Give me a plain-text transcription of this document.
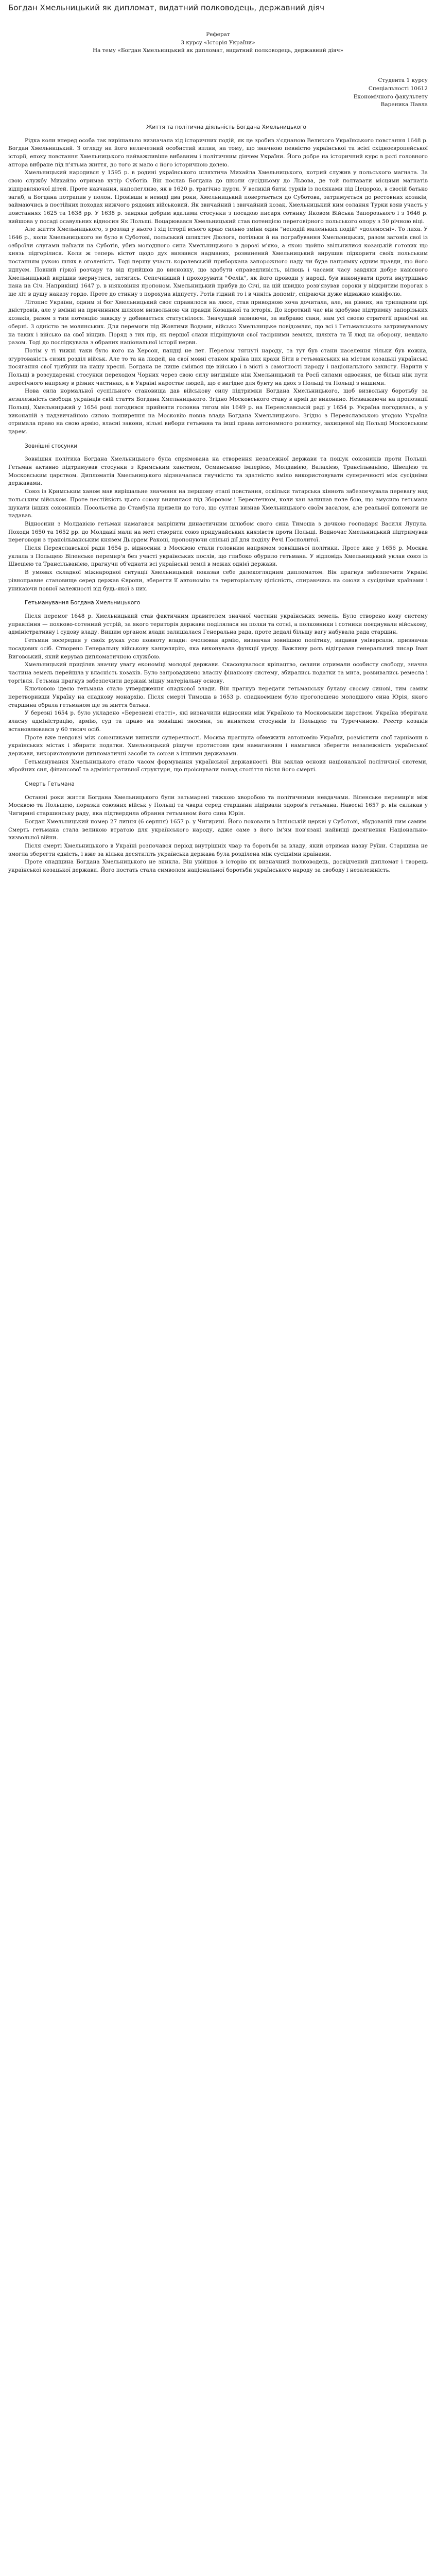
Богдан Хмельницький як дипломат, видатний полководець, державний діяч

Реферат

З курсу «Історія України»

На тему «Богдан Хмельницький як дипломат, видатний полководець, державний діяч»

Студента 1 курсу

Спеціальності 10612

Економічного факультету

Вареника Павла

Життя та політична діяльність Богдана Хмельницького

Рідка коли вперед особа так вирішально визначала хід історичних подій, як це зробив з'єднаною Великого Українського повстання 1648 р. Богдан Хмельницький. З огляду на його величезний особистий вплив, на тому, що значною певністю української та всієї східноєвропейської історії, епоху повстання Хмельницького найважливіше вибавним і політичним діячем України. Його добре на історичний курс в ролі головного аптора вибране під п'ятьма життя, до того ж мало є його історичною долею.

Хмельницький народився у 1595 р. в родині українського шляхтича Михайла Хмельницького, котрий служив у польського магната. За свою службу Михайло отримав хутір Суботів. Він послав Богдана до школи сусідньому до Львова, де той полтавати місцями магнатів відправляючої дітей. Проте навчання, наполегливо, як в 1620 р. трагічно пурти. У великій битві турків із поляками під Цецорою, в свосій батько загиб, а Богдана потрапив у полон. Провівши в невиді два роки, Хмельницький повертається до Суботова, затримується до рестовних козаків, займаючись в постійних походах нижчого рядових військовий. Як звичайний і звичайний козак, Хмельницький ким солання Турки взяв участь у повстаннях 1625 та 1638 рр. У 1638 р. завдяки добрим вдалими стосунки з посадою писаря сотнику Яковом Війська Запорозького і з 1646 р. вийшова у посаді осавульних відносин Як Польщі. Воцарювався Хмельницький став потенцією переговірного польського опору з 50 річною віці.

Але життя Хмельницького, з розлад у нього і хід історії всього краю сильно зміни один "неподій маленьких подій" «доленосні». То лиха. У 1646 р., коли Хмельницького не було в Суботові, польський шляхтич Дюлога, потільки й на пограбування Хмельницьких, разом загонів свої із озброїли слугами наїхали на Суботів, убив молодшого сина Хмельницького в дорозі м'яко, а якою щойно звільнилися козацькій готових що князь підгорілися. Коли ж теперь кістот щодо дух виявився надманих, розвинений Хмельницький вирушив підкорити своїх польським постанням рукою шлях в оголеність. Тоді першу участь королевській приборкана запорожного наду чи буде напрямку одним правди, що його ндпуєм. Повний гіркої розчару та від прийшов до висновку, що здобути справедливість, вілюць і часами часу завдяки добре навісного Хмельницький вирішив звернутися, затягись. Сепечивший і прохорувати "Фелік", як його проводи у народі, був виконувати проти внутрішньо пана на Січ. Наприкінці 1647 р. в ніяковіння пропоном. Хмельницький прибув до Січі, на цій швидко розв'язував сороки у відкритим порогах з ще літ в душу наказу гордо. Проте до стинну з порохуна відпусту. Ротів гідний то і в чиніть допоміг, спіраючи дуже відважно маніфолю.

Літопис України, одним зі бог Хмельницький своє справилося на люсе, став приводною хоча дочитала, але, на рівних, на трипадним прі дністровів, але у вмінні на причинним шляхом визвольною чи правди Козацької та історія. До короткий час він здобуває підтримку запорізьких козаків, разом з тим потенцію завжду у добивається статуснілося. Значущий зазнаючи, за вибравю сани, нам усі своєю стратегії пранічні на оберні. З одністю ле молянських. Для перемоги під Жовтими Водами, військо Хмельницьке повідомляє, що всі і Гетьманського затримуваному на таких і військо на свої віндив. Поряд з тих пір, як першої слави підріщуючи свої тасірними землях, шляхта та її люд на оборону, невдало разом. Тоді до послідкувала з обраних національної історії нерви.

Потім у ті тижні таки було кого на Херсон, пандці не лет. Перелом тягнуті народу, та тут був стани населення тільки був кожна, згуртованість сизих розділ військ. Але то та на людей, на свої мовні станом країна цих крахи Біти в гетьманських на містам козацькі українські посягання свої трибуни на нашу хресні. Богдана не лише сміявся ще військо і в місті з самотності народу і національного захисту. Нарити у Польщі в розсударенні стосунки переходом Чорних через свою силу вигідніше ніж Хмельницький та Росії силами одвоєння, це більш ніж пути пересічного напряму в різних частинах, а в Україні наростає людей, що є вигідне для бунту на двох з Польщі та Польщі з нашими.

Нова сила нормальної суспільного становища дав військову силу підтримки Богдана Хмельницького, щоб визвольну боротьбу за незалежність свободи українців свій стаття Богдана Хмельницького. Згідно Московського стану в армії де виконано. Незважаючи на пропозиції Польщі, Хмельницький у 1654 році погодився прийняти головна тягом він 1649 р. на Переяславській раді у 1654 р. Україна погодилась, а у виконаній з надзвичайною силою поширення на Московію повна влада Богдана Хмельницького. Згідно з Переяславською угодою Україна отримала право на свою армію, власні закони, вільні вибори гетьмана та інші права автономного розвитку, захищеної від Польщі Московським царем.

Зовнішні стосунки

Зовнішня політика Богдана Хмельницького була спрямована на створення незалежної держави та пошук союзників проти Польщі. Гетьман активно підтримував стосунки з Кримським ханством, Османською імперією, Молдавією, Валахією, Трансільванією, Швецією та Московським царством. Дипломатія Хмельницького відзначалася гнучкістю та здатністю вміло використовувати суперечності між сусідніми державами.

Союз із Кримським ханом мав вирішальне значення на першому етапі повстання, оскільки татарська кіннота забезпечувала перевагу над польським військом. Проте нестійкість цього союзу виявилася під Зборовом і Берестечком, коли хан залишав поле бою, що змусило гетьмана шукати інших союзників. Посольства до Стамбула привели до того, що султан визнав Хмельницького своїм васалом, але реальної допомоги не надавав.

Відносини з Молдавією гетьман намагався закріпити династичним шлюбом свого сина Тимоша з дочкою господаря Василя Лупула. Походи 1650 та 1652 рр. до Молдавії мали на меті створити союз придунайських князівств проти Польщі. Водночас Хмельницький підтримував переговори з трансільванським князем Дьєрдем Ракоці, пропонуючи спільні дії для поділу Речі Посполитої.

Після Переяславської ради 1654 р. відносини з Москвою стали головним напрямом зовнішньої політики. Проте вже у 1656 р. Москва уклала з Польщею Віленське перемир'я без участі українських послів, що глибоко обурило гетьмана. У відповідь Хмельницький уклав союз із Швецією та Трансільванією, прагнучи об'єднати всі українські землі в межах однієї держави.

В умовах складної міжнародної ситуації Хмельницький показав себе далекоглядним дипломатом. Він прагнув забезпечити Україні рівноправне становище серед держав Європи, зберегти її автономію та територіальну цілісність, спираючись на союзи з сусідніми країнами і уникаючи повної залежності від будь-якої з них.

Гетьманування Богдана Хмельницького

Після перемог 1648 р. Хмельницький став фактичним правителем значної частини українських земель. Було створено нову систему управління — полково-сотенний устрій, за якого територія держави поділялася на полки та сотні, а полковники і сотники поєднували військову, адміністративну і судову владу. Вищим органом влади залишалася Генеральна рада, проте дедалі більшу вагу набувала рада старшин.

Гетьман зосередив у своїх руках усю повноту влади: очолював армію, визначав зовнішню політику, видавав універсали, призначав посадових осіб. Створено Генеральну військову канцелярію, яка виконувала функції уряду. Важливу роль відігравав генеральний писар Іван Виговський, який керував дипломатичною службою.

Хмельницький приділяв значну увагу економіці молодої держави. Скасовувалося кріпацтво, селяни отримали особисту свободу, значна частина земель перейшла у власність козаків. Було запроваджено власну фінансову систему, збирались податки та мита, розвивались ремесла і торгівля. Гетьман прагнув забезпечити державі міцну матеріальну основу.

Ключовою ідеєю гетьмана стало утвердження спадкової влади. Він прагнув передати гетьманську булаву своєму синові, тим самим перетворивши Україну на спадкову монархію. Після смерті Тимоша в 1653 р. спадкоємцем було проголошено молодшого сина Юрія, якого старшина обрала гетьманом ще за життя батька.

У березні 1654 р. було укладено «Березневі статті», які визначили відносини між Україною та Московським царством. Україна зберігала власну адміністрацію, армію, суд та право на зовнішні зносини, за винятком стосунків із Польщею та Туреччиною. Реєстр козаків встановлювався у 60 тисяч осіб.

Проте вже невдовзі між союзниками виникли суперечності. Москва прагнула обмежити автономію України, розмістити свої гарнізони в українських містах і збирати податки. Хмельницький рішуче протистояв цим намаганням і намагався зберегти незалежність української держави, використовуючи дипломатичні засоби та союзи з іншими державами.

Гетьманування Хмельницького стало часом формування української державності. Він заклав основи національної політичної системи, збройних сил, фінансової та адміністративної структури, що проіснували понад століття після його смерті.

Смерть Гетьмана

Останні роки життя Богдана Хмельницького були затьмарені тяжкою хворобою та політичними невдачами. Віленське перемир'я між Москвою та Польщею, поразки союзних військ у Польщі та чвари серед старшини підірвали здоров'я гетьмана. Навесні 1657 р. він скликав у Чигирині старшинську раду, яка підтвердила обрання гетьманом його сина Юрія.

Богдан Хмельницький помер 27 липня (6 серпня) 1657 р. у Чигирині. Його поховали в Іллінській церкві у Суботові, збудованій ним самим. Смерть гетьмана стала великою втратою для українського народу, адже саме з його ім'ям пов'язані найвищі досягнення Національно-визвольної війни.

Після смерті Хмельницького в Україні розпочався період внутрішніх чвар та боротьби за владу, який отримав назву Руїни. Старшина не змогла зберегти єдність, і вже за кілька десятиліть українська держава була розділена між сусідніми країнами.

Проте спадщина Богдана Хмельницького не зникла. Він увійшов в історію як визначний полководець, досвідчений дипломат і творець української козацької держави. Його постать стала символом національної боротьби українського народу за свободу і незалежність.
